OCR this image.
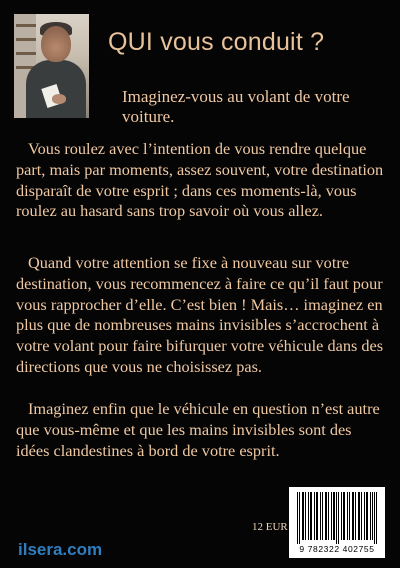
QUI vous conduit ?
Imaginez-vous au volant de votre voiture.
Vous roulez avec l’intention de vous rendre quelque part, mais par moments, assez souvent, votre destination disparaît de votre esprit ; dans ces moments-là, vous roulez au hasard sans trop savoir où vous allez.
Quand votre attention se fixe à nouveau sur votre destination, vous recommencez à faire ce qu’il faut pour vous rapprocher d’elle. C’est bien ! Mais… imaginez en plus que de nombreuses mains invisibles s’accrochent à votre volant pour faire bifurquer votre véhicule dans des directions que vous ne choisissez pas.
Imaginez enfin que le véhicule en question n’est autre que vous-même et que les mains invisibles sont des idées clandestines à bord de votre esprit.
12 EUR
ilsera.com	9 782322 402755
